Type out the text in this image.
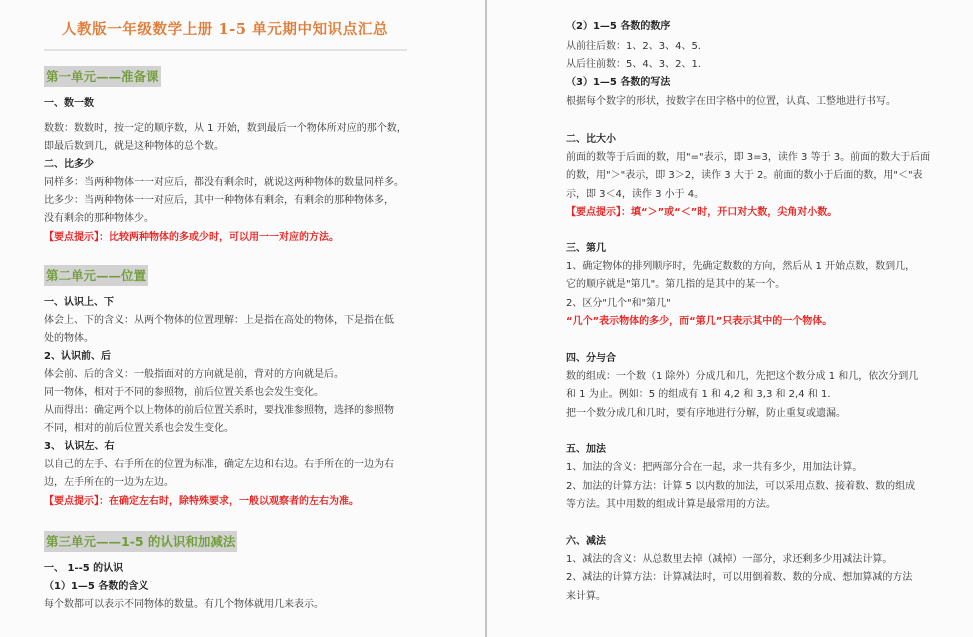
人教版一年级数学上册 1-5 单元期中知识点汇总
第一单元——准备课
一、数一数
数数：数数时，按一定的顺序数，从 1 开始，数到最后一个物体所对应的那个数，
即最后数到几，就是这种物体的总个数。
二、比多少
同样多：当两种物体一一对应后，都没有剩余时，就说这两种物体的数量同样多。
比多少：当两种物体一一对应后，其中一种物体有剩余，有剩余的那种物体多，
没有剩余的那种物体少。
【要点提示】：比较两种物体的多或少时，可以用一一对应的方法。
第二单元——位置
一、认识上、下
体会上、下的含义：从两个物体的位置理解：上是指在高处的物体，下是指在低
处的物体。
2、认识前、后
体会前、后的含义：一般指面对的方向就是前，背对的方向就是后。
同一物体，相对于不同的参照物，前后位置关系也会发生变化。
从而得出：确定两个以上物体的前后位置关系时，要找准参照物，选择的参照物
不同，相对的前后位置关系也会发生变化。
3、 认识左、右
以自己的左手、右手所在的位置为标准，确定左边和右边。右手所在的一边为右
边，左手所在的一边为左边。
【要点提示】：在确定左右时，除特殊要求，一般以观察者的左右为准。
第三单元——1-5 的认识和加减法
一、 1--5 的认识
（1）1—5 各数的含义
每个数都可以表示不同物体的数量。有几个物体就用几来表示。
（2）1—5 各数的数序
从前往后数：1、2、3、4、5.
从后往前数：5、4、3、2、1.
（3）1—5 各数的写法
根据每个数字的形状，按数字在田字格中的位置，认真、工整地进行书写。
二、比大小
前面的数等于后面的数，用"="表示，即 3=3，读作 3 等于 3。前面的数大于后面
的数，用"＞"表示，即 3＞2，读作 3 大于 2。前面的数小于后面的数，用"＜"表
示，即 3＜4，读作 3 小于 4。
【要点提示】：填“＞”或“＜”时，开口对大数，尖角对小数。
三、第几
1、确定物体的排列顺序时，先确定数数的方向，然后从 1 开始点数，数到几，
它的顺序就是"第几"。第几指的是其中的某一个。
2、区分"几个"和"第几"
“几个”表示物体的多少，而“第几”只表示其中的一个物体。
四、分与合
数的组成：一个数（1 除外）分成几和几，先把这个数分成 1 和几，依次分到几
和 1 为止。例如：5 的组成有 1 和 4,2 和 3,3 和 2,4 和 1.
把一个数分成几和几时，要有序地进行分解，防止重复或遗漏。
五、加法
1、加法的含义：把两部分合在一起，求一共有多少，用加法计算。
2、加法的计算方法：计算 5 以内数的加法，可以采用点数、接着数、数的组成
等方法。其中用数的组成计算是最常用的方法。
六、减法
1、减法的含义：从总数里去掉（减掉）一部分，求还剩多少用减法计算。
2、减法的计算方法：计算减法时，可以用倒着数、数的分成、想加算减的方法
来计算。
